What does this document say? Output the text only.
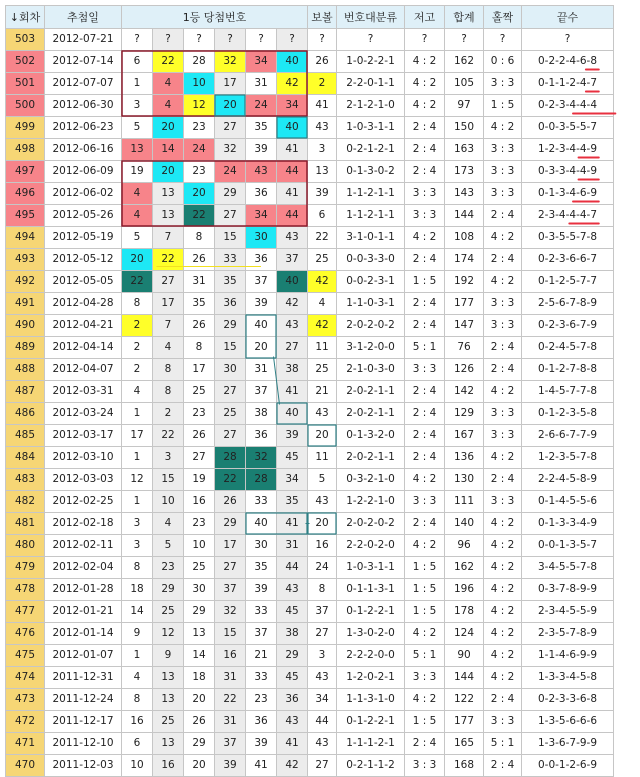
↓회차	추첨일	1등 당첨번호						보볼	번호대분류	저고	합계	홀짝	끝수
503	2012-07-21	?	?	?	?	?	?	?	?	?	?	?	?
502	2012-07-14	6	22	28	32	34	40	26	1-0-2-2-1	4 : 2	162	0 : 6	0-2-2-4-6-8
501	2012-07-07	1	4	10	17	31	42	2	2-2-0-1-1	4 : 2	105	3 : 3	0-1-1-2-4-7
500	2012-06-30	3	4	12	20	24	34	41	2-1-2-1-0	4 : 2	97	1 : 5	0-2-3-4-4-4
499	2012-06-23	5	20	23	27	35	40	43	1-0-3-1-1	2 : 4	150	4 : 2	0-0-3-5-5-7
498	2012-06-16	13	14	24	32	39	41	3	0-2-1-2-1	2 : 4	163	3 : 3	1-2-3-4-4-9
497	2012-06-09	19	20	23	24	43	44	13	0-1-3-0-2	2 : 4	173	3 : 3	0-3-3-4-4-9
496	2012-06-02	4	13	20	29	36	41	39	1-1-2-1-1	3 : 3	143	3 : 3	0-1-3-4-6-9
495	2012-05-26	4	13	22	27	34	44	6	1-1-2-1-1	3 : 3	144	2 : 4	2-3-4-4-4-7
494	2012-05-19	5	7	8	15	30	43	22	3-1-0-1-1	4 : 2	108	4 : 2	0-3-5-5-7-8
493	2012-05-12	20	22	26	33	36	37	25	0-0-3-3-0	2 : 4	174	2 : 4	0-2-3-6-6-7
492	2012-05-05	22	27	31	35	37	40	42	0-0-2-3-1	1 : 5	192	4 : 2	0-1-2-5-7-7
491	2012-04-28	8	17	35	36	39	42	4	1-1-0-3-1	2 : 4	177	3 : 3	2-5-6-7-8-9
490	2012-04-21	2	7	26	29	40	43	42	2-0-2-0-2	2 : 4	147	3 : 3	0-2-3-6-7-9
489	2012-04-14	2	4	8	15	20	27	11	3-1-2-0-0	5 : 1	76	2 : 4	0-2-4-5-7-8
488	2012-04-07	2	8	17	30	31	38	25	2-1-0-3-0	3 : 3	126	2 : 4	0-1-2-7-8-8
487	2012-03-31	4	8	25	27	37	41	21	2-0-2-1-1	2 : 4	142	4 : 2	1-4-5-7-7-8
486	2012-03-24	1	2	23	25	38	40	43	2-0-2-1-1	2 : 4	129	3 : 3	0-1-2-3-5-8
485	2012-03-17	17	22	26	27	36	39	20	0-1-3-2-0	2 : 4	167	3 : 3	2-6-6-7-7-9
484	2012-03-10	1	3	27	28	32	45	11	2-0-2-1-1	2 : 4	136	4 : 2	1-2-3-5-7-8
483	2012-03-03	12	15	19	22	28	34	5	0-3-2-1-0	4 : 2	130	2 : 4	2-2-4-5-8-9
482	2012-02-25	1	10	16	26	33	35	43	1-2-2-1-0	3 : 3	111	3 : 3	0-1-4-5-5-6
481	2012-02-18	3	4	23	29	40	41	20	2-0-2-0-2	2 : 4	140	4 : 2	0-1-3-3-4-9
480	2012-02-11	3	5	10	17	30	31	16	2-2-0-2-0	4 : 2	96	4 : 2	0-0-1-3-5-7
479	2012-02-04	8	23	25	27	35	44	24	1-0-3-1-1	1 : 5	162	4 : 2	3-4-5-5-7-8
478	2012-01-28	18	29	30	37	39	43	8	0-1-1-3-1	1 : 5	196	4 : 2	0-3-7-8-9-9
477	2012-01-21	14	25	29	32	33	45	37	0-1-2-2-1	1 : 5	178	4 : 2	2-3-4-5-5-9
476	2012-01-14	9	12	13	15	37	38	27	1-3-0-2-0	4 : 2	124	4 : 2	2-3-5-7-8-9
475	2012-01-07	1	9	14	16	21	29	3	2-2-2-0-0	5 : 1	90	4 : 2	1-1-4-6-9-9
474	2011-12-31	4	13	18	31	33	45	43	1-2-0-2-1	3 : 3	144	4 : 2	1-3-3-4-5-8
473	2011-12-24	8	13	20	22	23	36	34	1-1-3-1-0	4 : 2	122	2 : 4	0-2-3-3-6-8
472	2011-12-17	16	25	26	31	36	43	44	0-1-2-2-1	1 : 5	177	3 : 3	1-3-5-6-6-6
471	2011-12-10	6	13	29	37	39	41	43	1-1-1-2-1	2 : 4	165	5 : 1	1-3-6-7-9-9
470	2011-12-03	10	16	20	39	41	42	27	0-2-1-1-2	3 : 3	168	2 : 4	0-0-1-2-6-9
